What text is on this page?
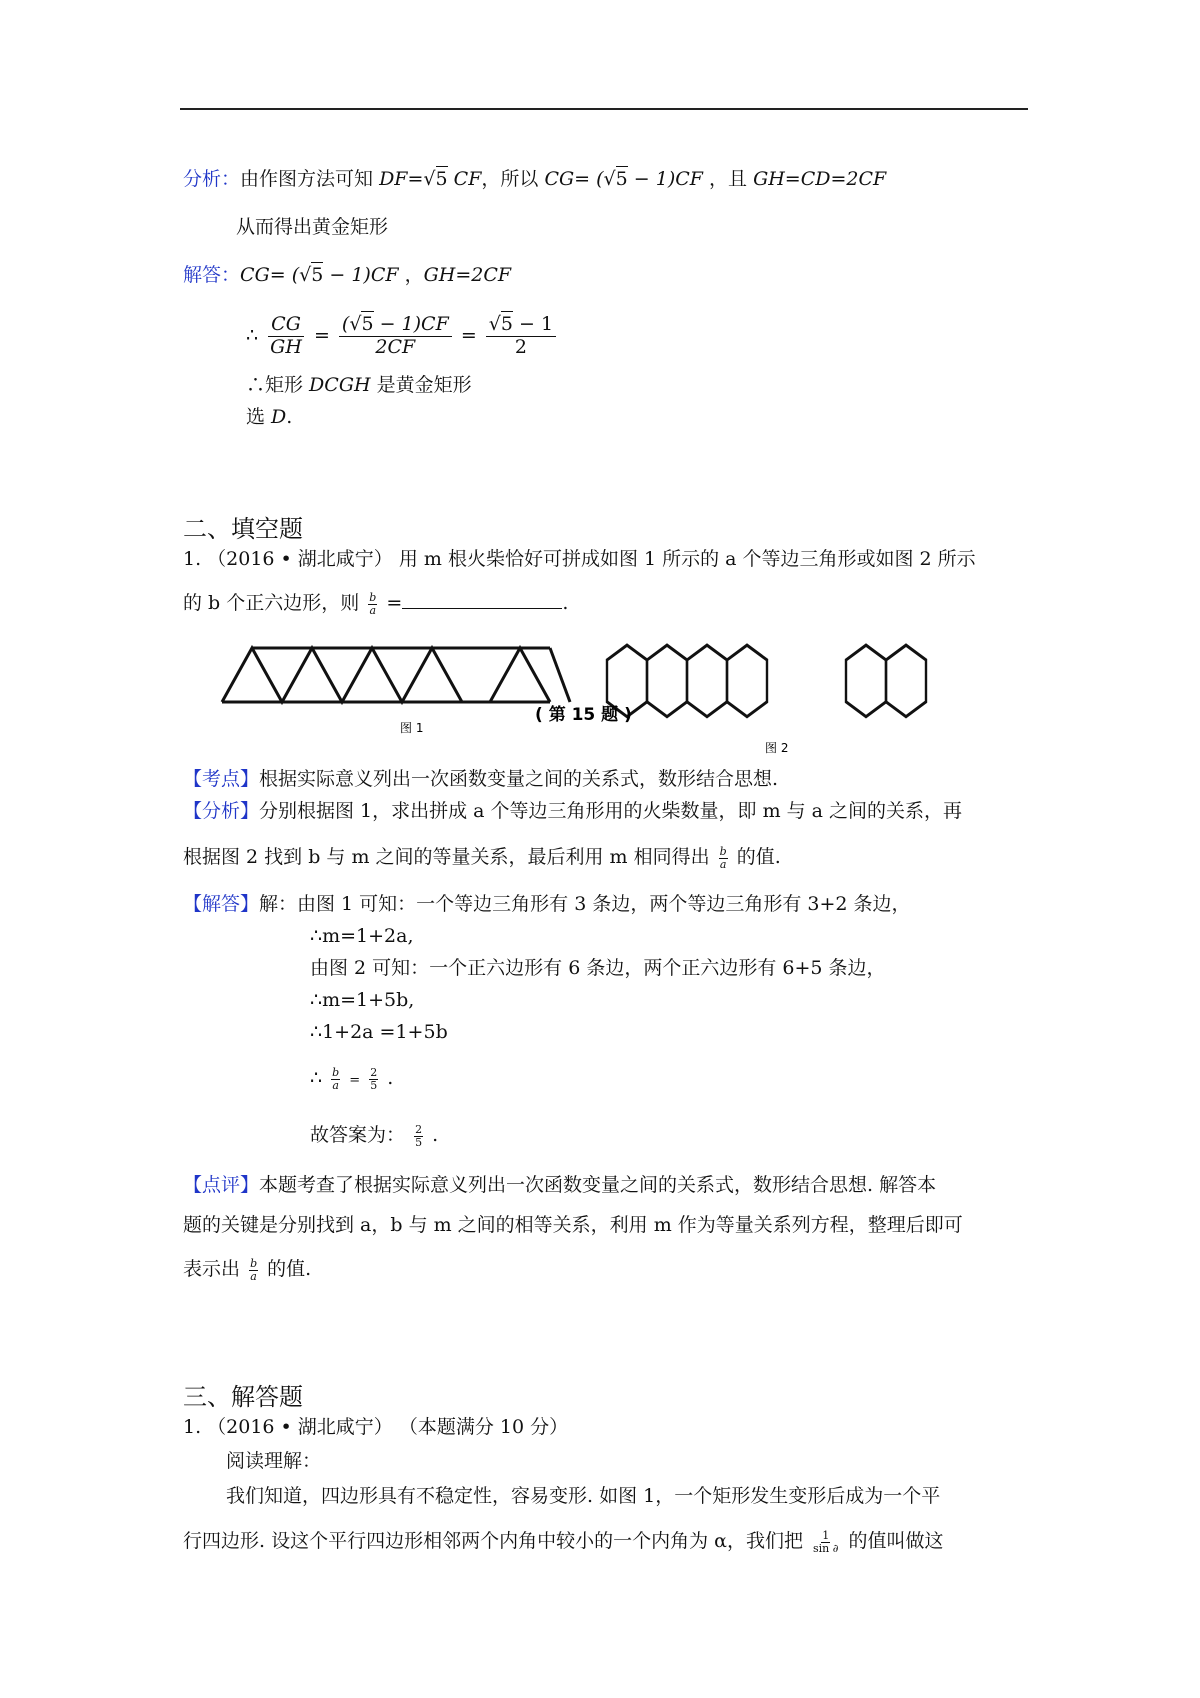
分析：由作图方法可知 DF=√5 CF，所以 CG= (√5 − 1)CF ，且 GH=CD=2CF
从而得出黄金矩形
解答：CG= (√5 − 1)CF ，GH=2CF
∴ $\frac{CG}{GH} = \frac{(√5 - 1)CF}{2CF} = \frac{√5 - 1}{2}$
∴矩形 DCGH 是黄金矩形
选 D.
二、填空题
1. （2016 • 湖北咸宁） 用 m 根火柴恰好可拼成如图 1 所示的 a 个等边三角形或如图 2 所示
的 b 个正六边形，则 $\frac{b}{a}$ =	.
图 1
( 第 15 题 )
图 2
【考点】根据实际意义列出一次函数变量之间的关系式，数形结合思想.
【分析】分别根据图 1，求出拼成 a 个等边三角形用的火柴数量，即 m 与 a 之间的关系，再
根据图 2 找到 b 与 m 之间的等量关系，最后利用 m 相同得出 $\frac{b}{a}$ 的值.
【解答】解：由图 1 可知：一个等边三角形有 3 条边，两个等边三角形有 3+2 条边，
∴m=1+2a,
由图 2 可知：一个正六边形有 6 条边，两个正六边形有 6+5 条边，
∴m=1+5b,
∴1+2a =1+5b
∴ $\frac{b}{a} = \frac{2}{5}$ .
故答案为： $\frac{2}{5}$ .
【点评】本题考查了根据实际意义列出一次函数变量之间的关系式，数形结合思想. 解答本
题的关键是分别找到 a，b 与 m 之间的相等关系，利用 m 作为等量关系列方程，整理后即可
表示出 $\frac{b}{a}$ 的值.
三、解答题
1. （2016 • 湖北咸宁） （本题满分 10 分）
阅读理解：
我们知道，四边形具有不稳定性，容易变形. 如图 1，一个矩形发生变形后成为一个平
行四边形. 设这个平行四边形相邻两个内角中较小的一个内角为 α，我们把 $\frac{1}{\sin \partial}$ 的值叫做这
